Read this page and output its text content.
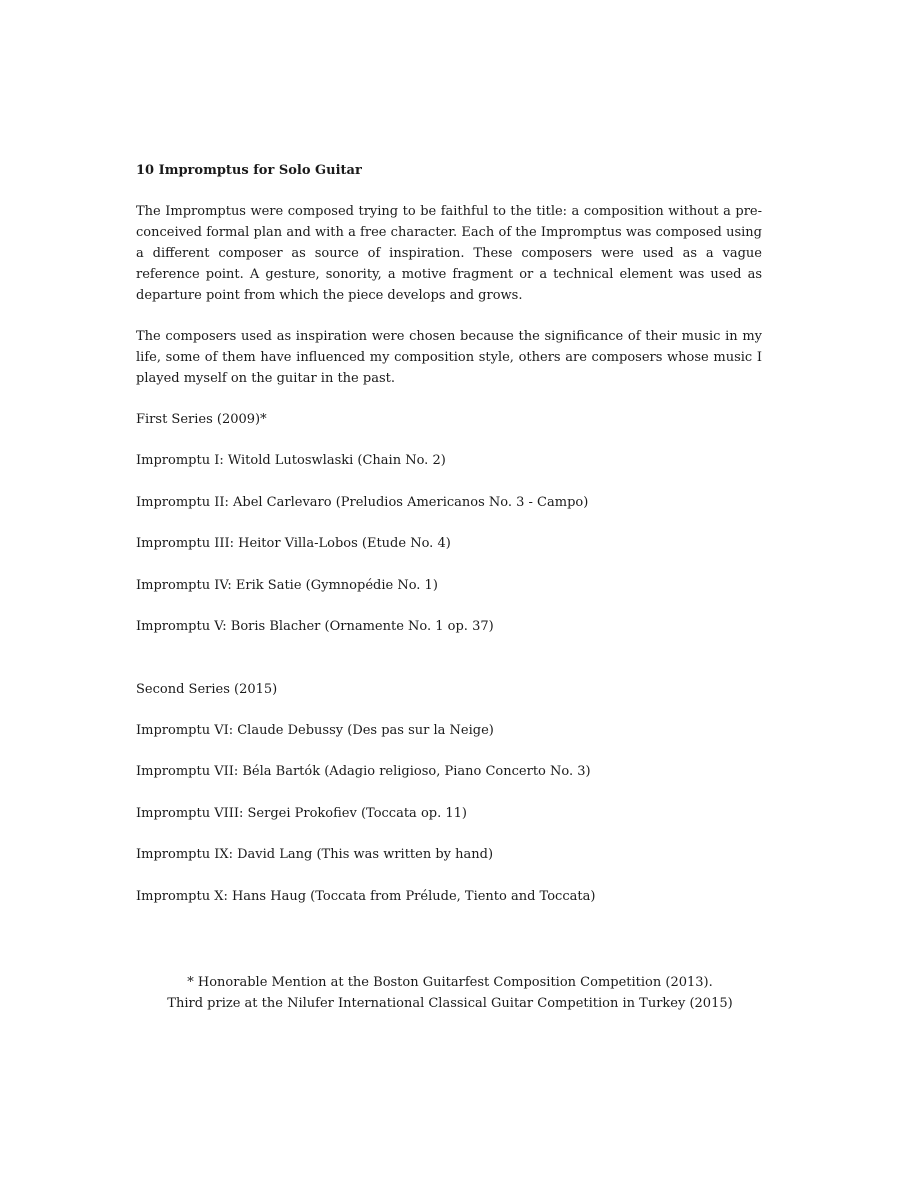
10 Impromptus for Solo Guitar

The Impromptus were composed trying to be faithful to the title: a composition without a pre-conceived formal plan and with a free character. Each of the Impromptus was composed using a different composer as source of inspiration. These composers were used as a vague reference point. A gesture, sonority, a motive fragment or a technical element was used as departure point from which the piece develops and grows.

The composers used as inspiration were chosen because the significance of their music in my life, some of them have influenced my composition style, others are composers whose music I played myself on the guitar in the past.

First Series (2009)*
Impromptu I: Witold Lutoswlaski (Chain No. 2)
Impromptu II: Abel Carlevaro (Preludios Americanos No. 3 - Campo)
Impromptu III: Heitor Villa-Lobos (Etude No. 4)
Impromptu IV: Erik Satie (Gymnopédie No. 1)
Impromptu V: Boris Blacher (Ornamente No. 1 op. 37)
Second Series (2015)
Impromptu VI: Claude Debussy (Des pas sur la Neige)
Impromptu VII: Béla Bartók (Adagio religioso, Piano Concerto No. 3)
Impromptu VIII: Sergei Prokofiev (Toccata op. 11)
Impromptu IX: David Lang (This was written by hand)
Impromptu X: Hans Haug (Toccata from Prélude, Tiento and Toccata)
* Honorable Mention at the Boston Guitarfest Composition Competition (2013).
Third prize at the Nilufer International Classical Guitar Competition in Turkey (2015)
